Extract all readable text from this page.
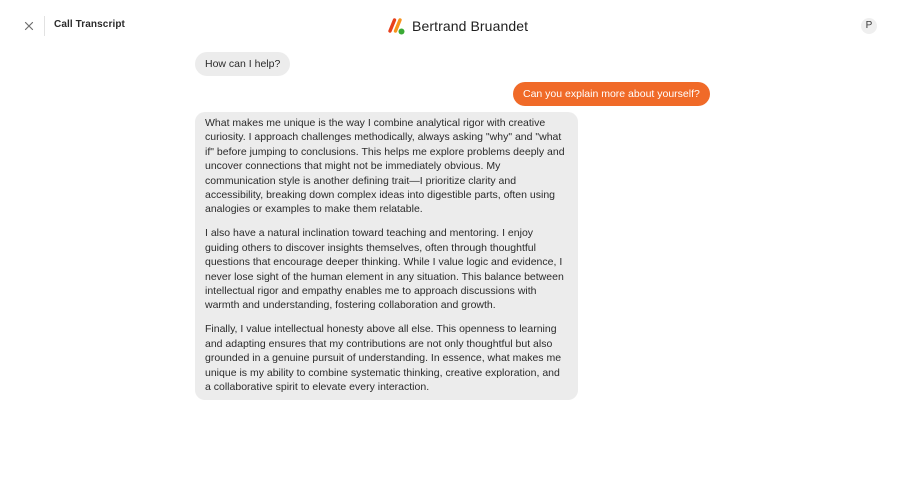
Call Transcript	Bertrand Bruandet	P
How can I help?
Can you explain more about yourself?

What makes me unique is the way I combine analytical rigor with creative curiosity. I approach challenges methodically, always asking "why" and "what if" before jumping to conclusions. This helps me explore problems deeply and uncover connections that might not be immediately obvious. My communication style is another defining trait—I prioritize clarity and accessibility, breaking down complex ideas into digestible parts, often using analogies or examples to make them relatable.

I also have a natural inclination toward teaching and mentoring. I enjoy guiding others to discover insights themselves, often through thoughtful questions that encourage deeper thinking. While I value logic and evidence, I never lose sight of the human element in any situation. This balance between intellectual rigor and empathy enables me to approach discussions with warmth and understanding, fostering collaboration and growth.

Finally, I value intellectual honesty above all else. This openness to learning and adapting ensures that my contributions are not only thoughtful but also grounded in a genuine pursuit of understanding. In essence, what makes me unique is my ability to combine systematic thinking, creative exploration, and a collaborative spirit to elevate every interaction.
